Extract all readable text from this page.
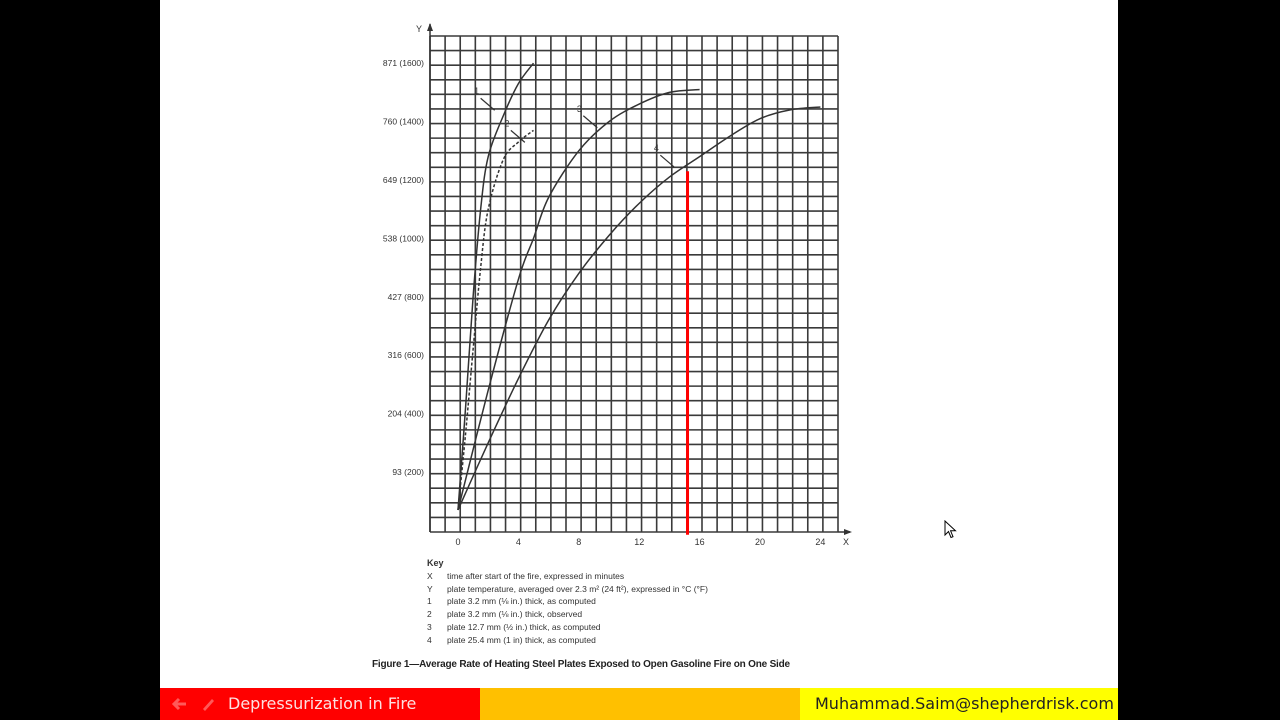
Y
X
0	4	8	12	16	20	24
93 (200)
204 (400)
316 (600)
427 (800)
538 (1000)
649 (1200)
760 (1400)
871 (1600)
1
2
3
4
Key
X	time after start of the fire, expressed in minutes
Y	plate temperature, averaged over 2.3 m² (24 ft²), expressed in °C (°F)
1	plate 3.2 mm (⅛ in.) thick, as computed
2	plate 3.2 mm (⅛ in.) thick, observed
3	plate 12.7 mm (½ in.) thick, as computed
4	plate 25.4 mm (1 in) thick, as computed
Figure 1—Average Rate of Heating Steel Plates Exposed to Open Gasoline Fire on One Side
Depressurization in Fire	Muhammad.Saim@shepherdrisk.com
